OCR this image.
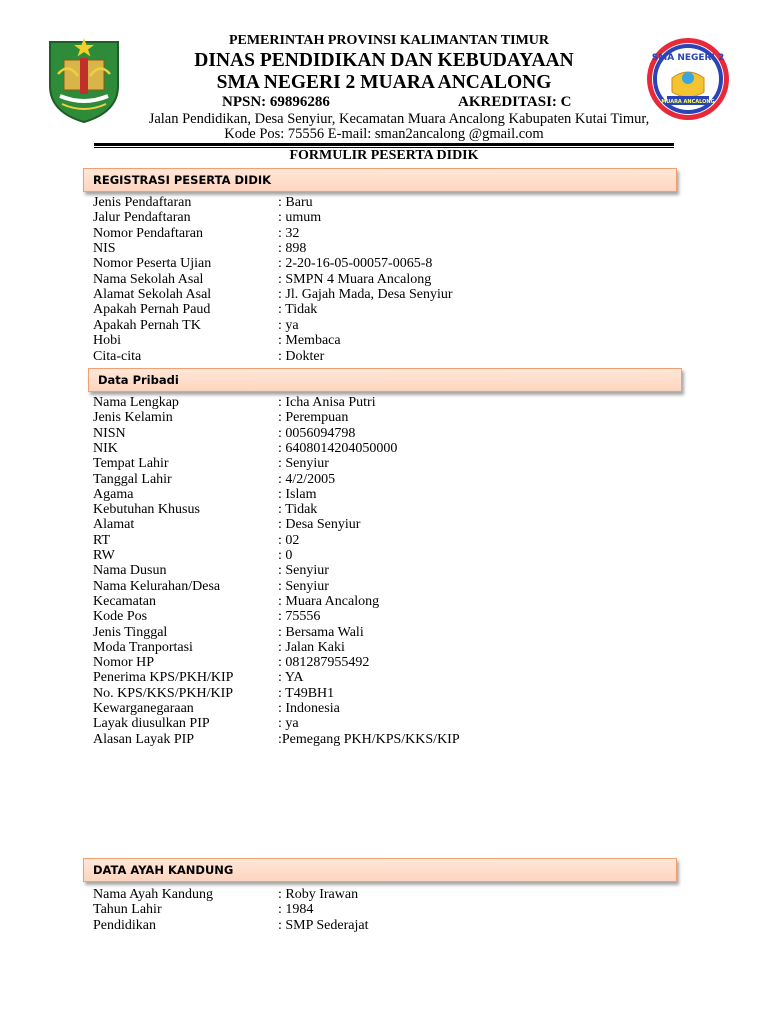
SMA NEGERI 2
MUARA ANCALONG
PEMERINTAH PROVINSI KALIMANTAN TIMUR
DINAS PENDIDIKAN DAN KEBUDAYAAN
SMA NEGERI 2 MUARA ANCALONG
NPSN: 69896286	AKREDITASI: C
Jalan Pendidikan, Desa Senyiur, Kecamatan Muara Ancalong Kabupaten Kutai Timur,
Kode Pos: 75556 E-mail: sman2ancalong @gmail.com
FORMULIR PESERTA DIDIK
REGISTRASI PESERTA DIDIK
Jenis Pendaftaran	: Baru
Jalur Pendaftaran	: umum
Nomor Pendaftaran	: 32
NIS	: 898
Nomor Peserta Ujian	: 2-20-16-05-00057-0065-8
Nama Sekolah Asal	: SMPN 4 Muara Ancalong
Alamat Sekolah Asal	: Jl. Gajah Mada, Desa Senyiur
Apakah Pernah Paud	: Tidak
Apakah Pernah TK	: ya
Hobi	: Membaca
Cita-cita	: Dokter
Data Pribadi
Nama Lengkap	: Icha Anisa Putri
Jenis Kelamin	: Perempuan
NISN	: 0056094798
NIK	: 6408014204050000
Tempat Lahir	: Senyiur
Tanggal Lahir	: 4/2/2005
Agama	: Islam
Kebutuhan Khusus	: Tidak
Alamat	: Desa Senyiur
RT	: 02
RW	: 0
Nama Dusun	: Senyiur
Nama Kelurahan/Desa	: Senyiur
Kecamatan	: Muara Ancalong
Kode Pos	: 75556
Jenis Tinggal	: Bersama Wali
Moda Tranportasi	: Jalan Kaki
Nomor HP	: 081287955492
Penerima KPS/PKH/KIP	: YA
No. KPS/KKS/PKH/KIP	: T49BH1
Kewarganegaraan	: Indonesia
Layak diusulkan PIP	: ya
Alasan Layak PIP	:Pemegang PKH/KPS/KKS/KIP
DATA AYAH KANDUNG
Nama Ayah Kandung	: Roby Irawan
Tahun Lahir	: 1984
Pendidikan	: SMP Sederajat
